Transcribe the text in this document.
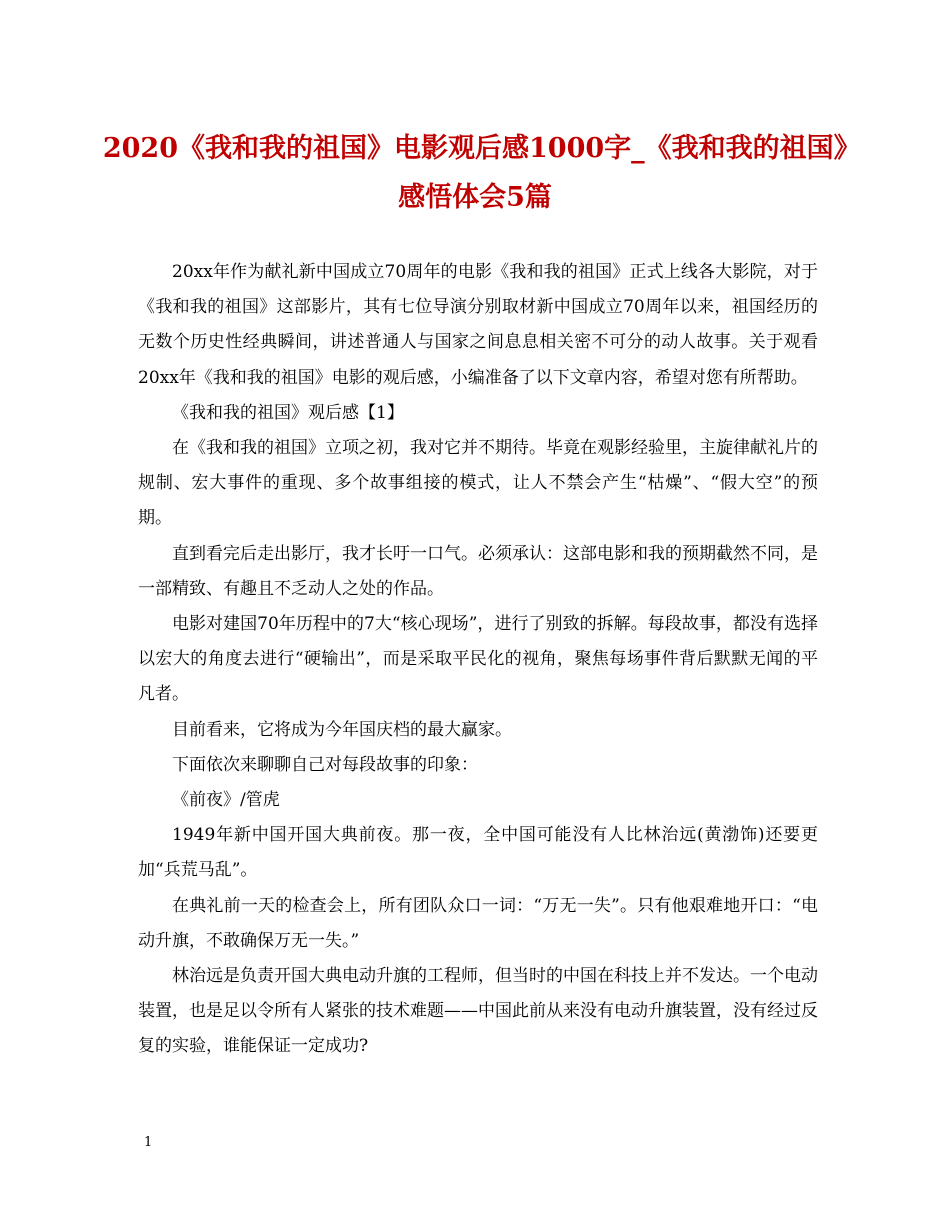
2020《我和我的祖国》电影观后感1000字_《我和我的祖国》感悟体会5篇

20xx年作为献礼新中国成立70周年的电影《我和我的祖国》正式上线各大影院，对于《我和我的祖国》这部影片，其有七位导演分别取材新中国成立70周年以来，祖国经历的无数个历史性经典瞬间，讲述普通人与国家之间息息相关密不可分的动人故事。关于观看20xx年《我和我的祖国》电影的观后感，小编准备了以下文章内容，希望对您有所帮助。

《我和我的祖国》观后感【1】

在《我和我的祖国》立项之初，我对它并不期待。毕竟在观影经验里，主旋律献礼片的规制、宏大事件的重现、多个故事组接的模式，让人不禁会产生“枯燥”、“假大空”的预期。

直到看完后走出影厅，我才长吁一口气。必须承认：这部电影和我的预期截然不同，是一部精致、有趣且不乏动人之处的作品。

电影对建国70年历程中的7大“核心现场”，进行了别致的拆解。每段故事，都没有选择以宏大的角度去进行“硬输出”，而是采取平民化的视角，聚焦每场事件背后默默无闻的平凡者。

目前看来，它将成为今年国庆档的最大赢家。

下面依次来聊聊自己对每段故事的印象：

《前夜》/管虎

1949年新中国开国大典前夜。那一夜，全中国可能没有人比林治远(黄渤饰)还要更加“兵荒马乱”。

在典礼前一天的检查会上，所有团队众口一词：“万无一失”。只有他艰难地开口：“电动升旗，不敢确保万无一失。”

林治远是负责开国大典电动升旗的工程师，但当时的中国在科技上并不发达。一个电动装置，也是足以令所有人紧张的技术难题——中国此前从来没有电动升旗装置，没有经过反复的实验，谁能保证一定成功?

1
